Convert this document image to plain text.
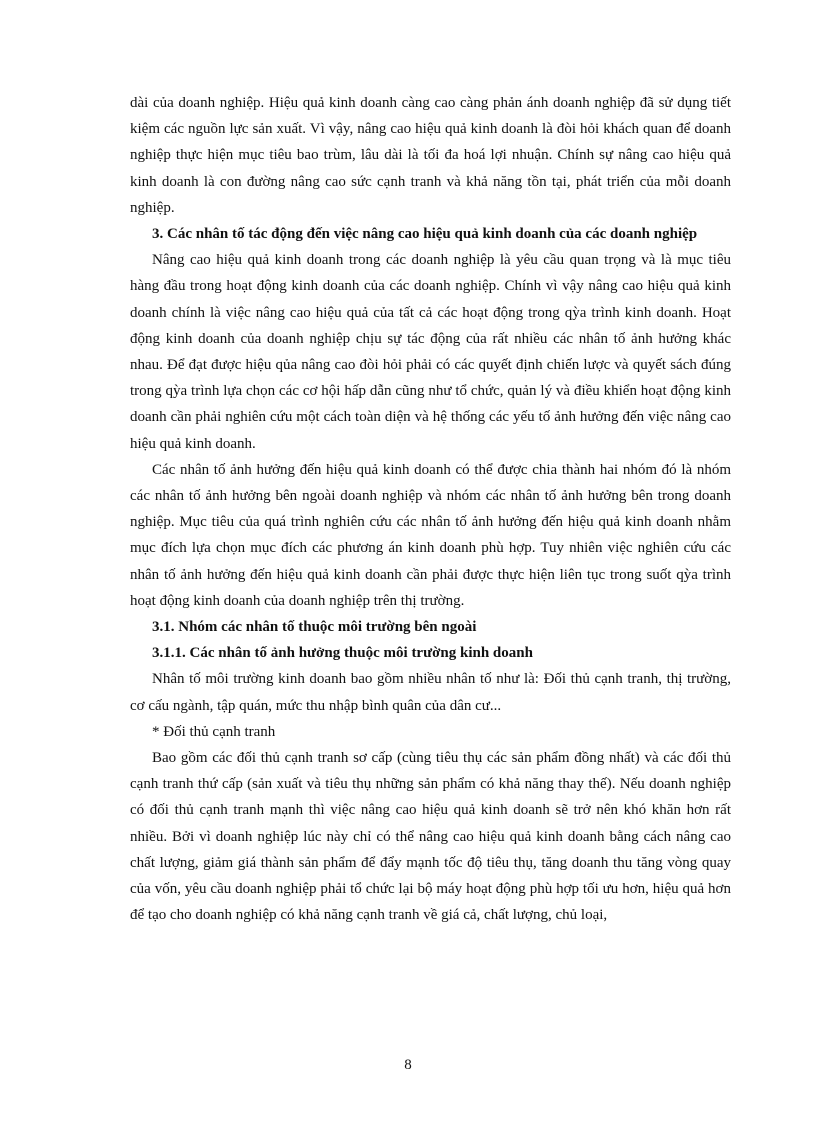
dài của doanh nghiệp. Hiệu quả kinh doanh càng cao càng phản ánh doanh nghiệp đã sử dụng tiết kiệm các nguồn lực sản xuất. Vì vậy, nâng cao hiệu quả kinh doanh là đòi hỏi khách quan để doanh nghiệp thực hiện mục tiêu bao trùm, lâu dài là tối đa hoá lợi nhuận. Chính sự nâng cao hiệu quả kinh doanh là con đường nâng cao sức cạnh tranh và khả năng tồn tại, phát triển của mỗi doanh nghiệp.

3. Các nhân tố tác động đến việc nâng cao hiệu quả kinh doanh của các doanh nghiệp

Nâng cao hiệu quả kinh doanh trong các doanh nghiệp là yêu cầu quan trọng và là mục tiêu hàng đầu trong hoạt động kinh doanh của các doanh nghiệp. Chính vì vậy nâng cao hiệu quả kinh doanh chính là việc nâng cao hiệu quả của tất cả các hoạt động trong qỳa trình kinh doanh. Hoạt động kinh doanh của doanh nghiệp chịu sự tác động của rất nhiều các nhân tố ảnh hưởng khác nhau. Để đạt được hiệu qủa nâng cao đòi hỏi phải có các quyết định chiến lược và quyết sách đúng trong qỳa trình lựa chọn các cơ hội hấp dẫn cũng như tổ chức, quản lý và điều khiển hoạt động kinh doanh cần phải nghiên cứu một cách toàn diện và hệ thống các yếu tố ảnh hưởng đến việc nâng cao hiệu quả kinh doanh.

Các nhân tố ảnh hưởng đến hiệu quả kinh doanh có thể được chia thành hai nhóm đó là nhóm các nhân tố ảnh hưởng bên ngoài doanh nghiệp và nhóm các nhân tố ảnh hưởng bên trong doanh nghiệp. Mục tiêu của quá trình nghiên cứu các nhân tố ảnh hưởng đến hiệu quả kinh doanh nhằm mục đích lựa chọn mục đích các phương án kinh doanh phù hợp. Tuy nhiên việc nghiên cứu các nhân tố ảnh hưởng đến hiệu quả kinh doanh cần phải được thực hiện liên tục trong suốt qỳa trình hoạt động kinh doanh của doanh nghiệp trên thị trường.

3.1. Nhóm các nhân tố thuộc môi trường bên ngoài

3.1.1. Các nhân tố ảnh hưởng thuộc môi trường kinh doanh

Nhân tố môi trường kinh doanh bao gồm nhiều nhân tố như là: Đối thủ cạnh tranh, thị trường, cơ cấu ngành, tập quán, mức thu nhập bình quân của dân cư...

* Đối thủ cạnh tranh

Bao gồm các đối thủ cạnh tranh sơ cấp (cùng tiêu thụ các sản phẩm đồng nhất) và các đối thủ cạnh tranh thứ cấp (sản xuất và tiêu thụ những sản phẩm có khả năng thay thế). Nếu doanh nghiệp có đối thủ cạnh tranh mạnh thì việc nâng cao hiệu quả kinh doanh sẽ trở nên khó khăn hơn rất nhiều. Bởi vì doanh nghiệp lúc này chỉ có thể nâng cao hiệu quả kinh doanh bằng cách nâng cao chất lượng, giảm giá thành sản phẩm để đẩy mạnh tốc độ tiêu thụ, tăng doanh thu tăng vòng quay của vốn, yêu cầu doanh nghiệp phải tổ chức lại bộ máy hoạt động phù hợp tối ưu hơn, hiệu quả hơn để tạo cho doanh nghiệp có khả năng cạnh tranh về giá cả, chất lượng, chủ loại,

8
